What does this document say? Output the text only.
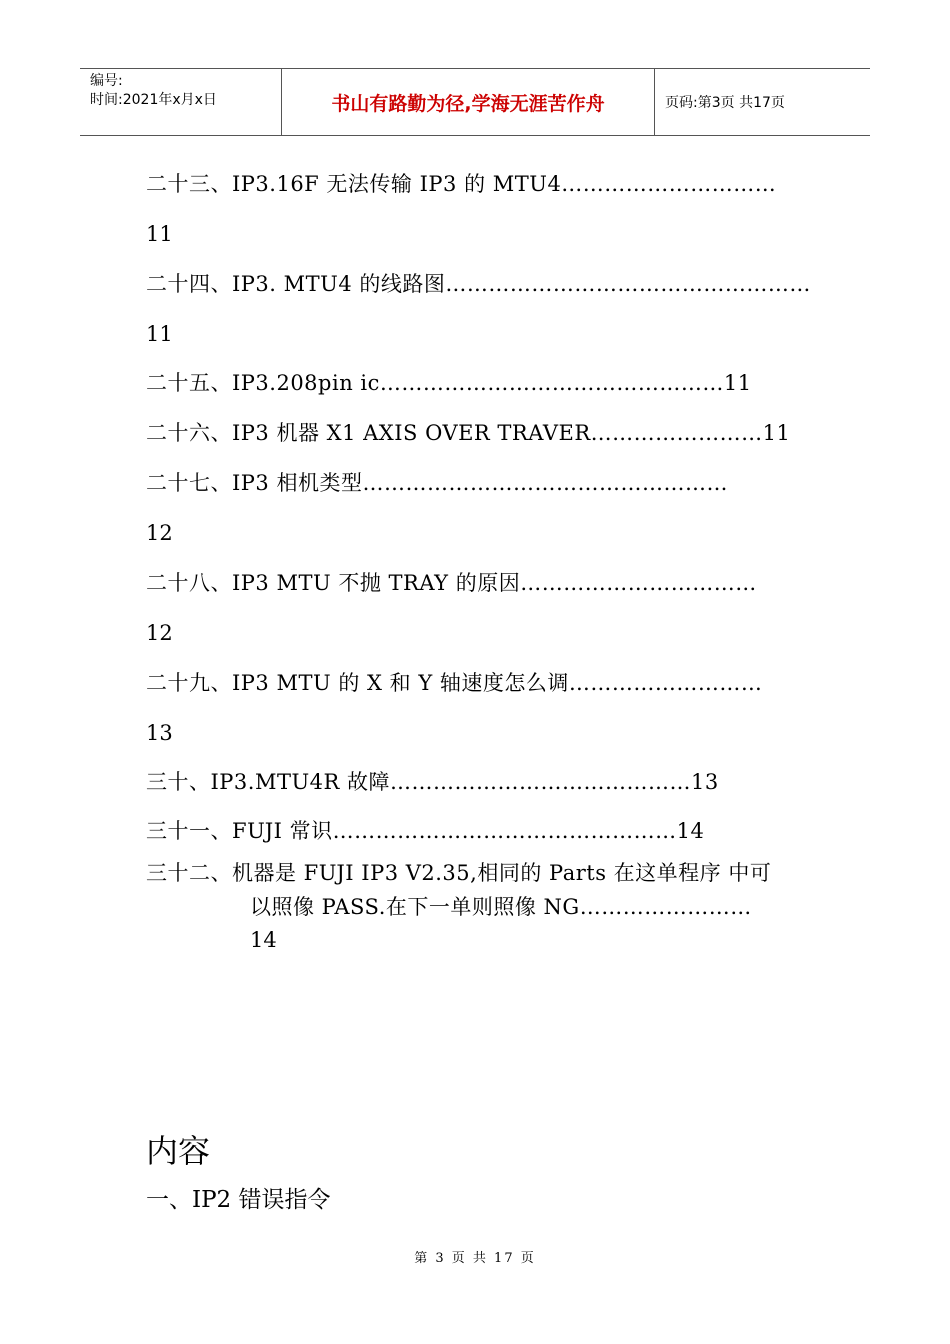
编号:
时间:2021年x月x日	书山有路勤为径,学海无涯苦作舟	页码:第3页 共17页
二十三、IP3.16F 无法传输 IP3 的 MTU4…………………………
11
二十四、IP3. MTU4 的线路图……………………………………………
11
二十五、IP3.208pin ic…………………………………………11
二十六、IP3 机器 X1 AXIS OVER TRAVER……………………11
二十七、IP3 相机类型……………………………………………
12
二十八、IP3 MTU 不抛 TRAY 的原因……………………………
12
二十九、IP3 MTU 的 X 和 Y 轴速度怎么调………………………
13
三十、IP3.MTU4R 故障……………………………………13
三十一、FUJI 常识…………………………………………14
三十二、机器是 FUJI IP3 V2.35,相同的 Parts 在这单程序 中可
以照像 PASS.在下一单则照像 NG……………………
14
内容
一、IP2 错误指令
第 3 页 共 17 页
